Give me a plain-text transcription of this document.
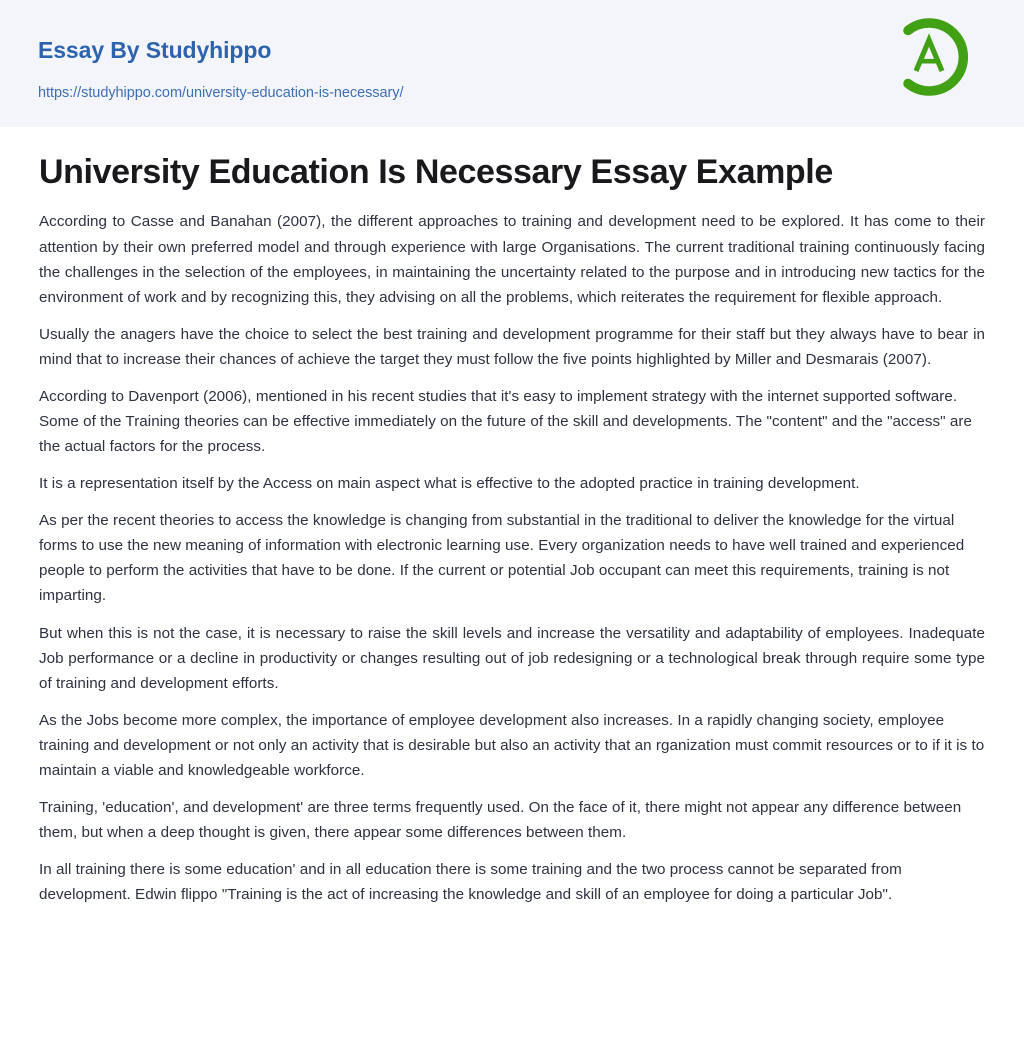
Essay By Studyhippo
https://studyhippo.com/university-education-is-necessary/
University Education Is Necessary Essay Example

According to Casse and Banahan (2007), the different approaches to training and development need to be explored. It has come to their attention by their own preferred model and through experience with large Organisations. The current traditional training continuously facing the challenges in the selection of the employees, in maintaining the uncertainty related to the purpose and in introducing new tactics for the environment of work and by recognizing this, they advising on all the problems, which reiterates the requirement for flexible approach.

Usually the anagers have the choice to select the best training and development programme for their staff but they always have to bear in mind that to increase their chances of achieve the target they must follow the five points highlighted by Miller and Desmarais (2007).

According to Davenport (2006), mentioned in his recent studies that it's easy to implement strategy with the internet supported software. Some of the Training theories can be effective immediately on the future of the skill and developments. The "content" and the "access" are the actual factors for the process.

It is a representation itself by the Access on main aspect what is effective to the adopted practice in training development.

As per the recent theories to access the knowledge is changing from substantial in the traditional to deliver the knowledge for the virtual forms to use the new meaning of information with electronic learning use. Every organization needs to have well trained and experienced people to perform the activities that have to be done. If the current or potential Job occupant can meet this requirements, training is not imparting.

But when this is not the case, it is necessary to raise the skill levels and increase the versatility and adaptability of employees. Inadequate Job performance or a decline in productivity or changes resulting out of job redesigning or a technological break through require some type of training and development efforts.

As the Jobs become more complex, the importance of employee development also increases. In a rapidly changing society, employee training and development or not only an activity that is desirable but also an activity that an rganization must commit resources or to if it is to maintain a viable and knowledgeable workforce.

Training, 'education', and development' are three terms frequently used. On the face of it, there might not appear any difference between them, but when a deep thought is given, there appear some differences between them.

In all training there is some education' and in all education there is some training and the two process cannot be separated from development. Edwin flippo "Training is the act of increasing the knowledge and skill of an employee for doing a particular Job".
